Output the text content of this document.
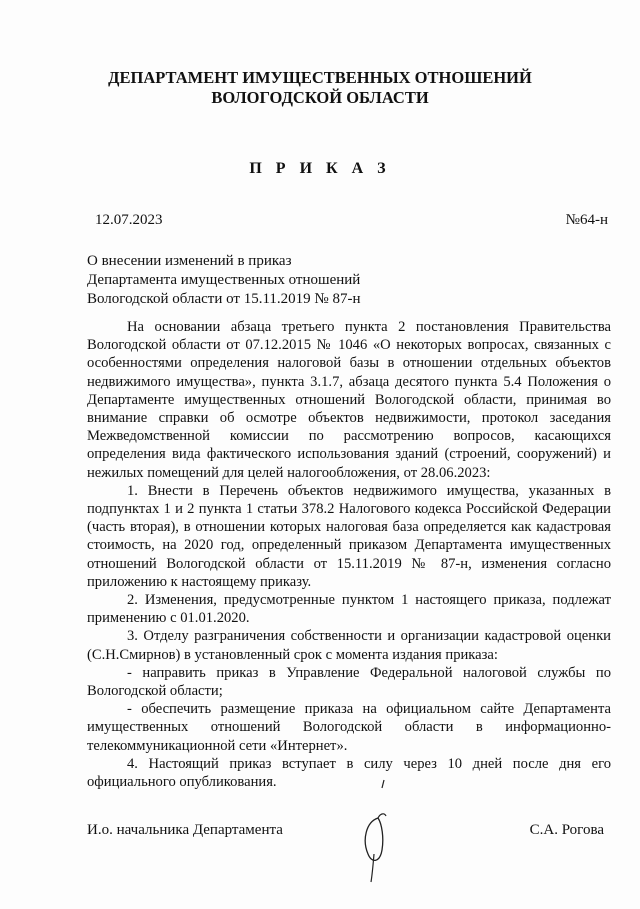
ДЕПАРТАМЕНТ ИМУЩЕСТВЕННЫХ ОТНОШЕНИЙ
ВОЛОГОДСКОЙ ОБЛАСТИ
П Р И К А З
12.07.2023	№64-н
О внесении изменений в приказ
Департамента имущественных отношений
Вологодской области от 15.11.2019 № 87-н

На основании абзаца третьего пункта 2 постановления Правительства Вологодской области от 07.12.2015 № 1046 «О некоторых вопросах, связанных с особенностями определения налоговой базы в отношении отдельных объектов недвижимого имущества», пункта 3.1.7, абзаца десятого пункта 5.4 Положения о Департаменте имущественных отношений Вологодской области, принимая во внимание справки об осмотре объектов недвижимости, протокол заседания Межведомственной комиссии по рассмотрению вопросов, касающихся определения вида фактического использования зданий (строений, сооружений) и нежилых помещений для целей налогообложения, от 28.06.2023:

1. Внести в Перечень объектов недвижимого имущества, указанных в подпунктах 1 и 2 пункта 1 статьи 378.2 Налогового кодекса Российской Федерации (часть вторая), в отношении которых налоговая база определяется как кадастровая стоимость, на 2020 год, определенный приказом Департамента имущественных отношений Вологодской области от 15.11.2019 № 87-н, изменения согласно приложению к настоящему приказу.

2. Изменения, предусмотренные пунктом 1 настоящего приказа, подлежат применению с 01.01.2020.

3. Отделу разграничения собственности и организации кадастровой оценки (С.Н.Смирнов) в установленный срок с момента издания приказа:

- направить приказ в Управление Федеральной налоговой службы по Вологодской области;

- обеспечить размещение приказа на официальном сайте Департамента имущественных отношений Вологодской области в информационно-телекоммуникационной сети «Интернет».

4. Настоящий приказ вступает в силу через 10 дней после дня его официального опубликования.

И.о. начальника Департамента	С.А. Рогова
